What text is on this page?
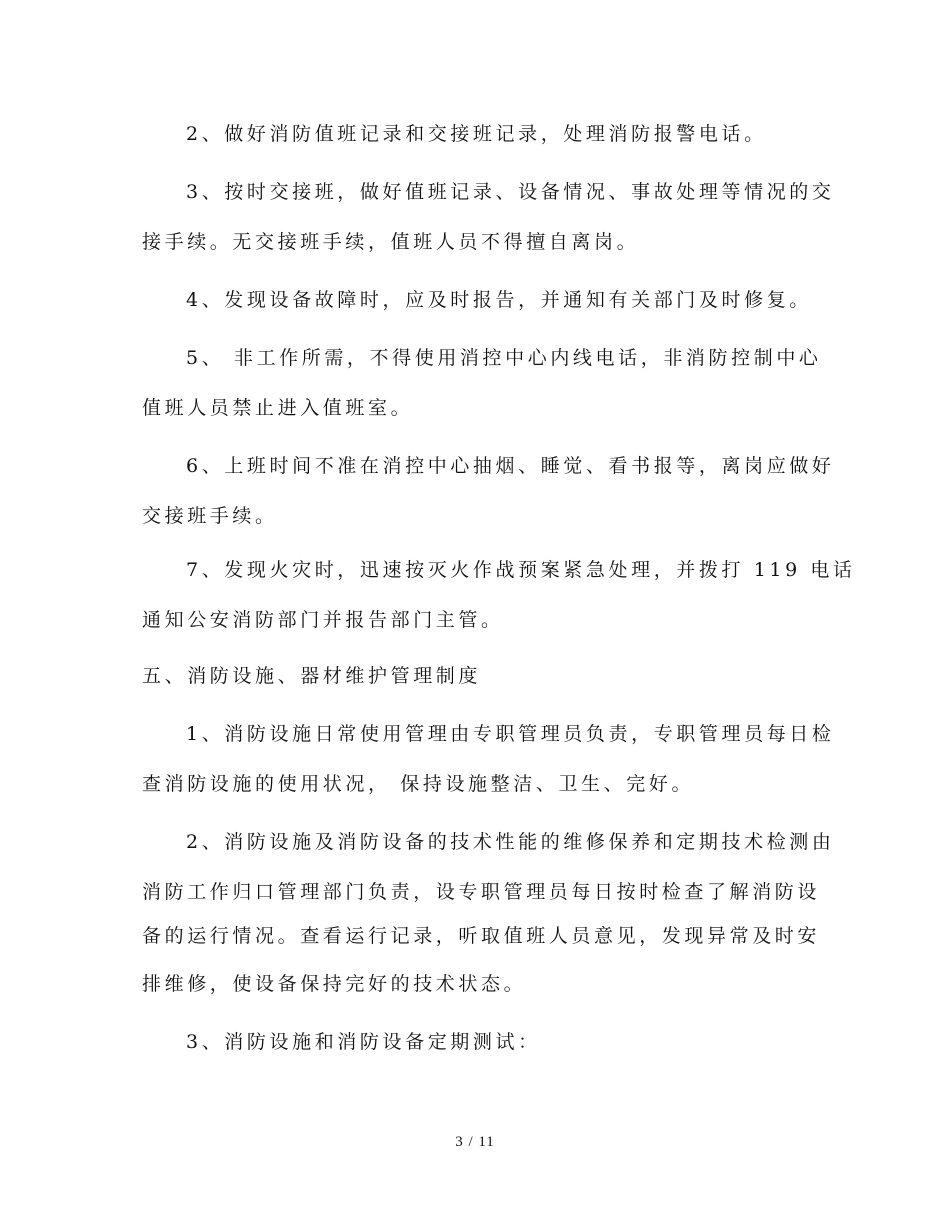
2、做好消防值班记录和交接班记录，处理消防报警电话。
3、按时交接班，做好值班记录、设备情况、事故处理等情况的交
接手续。无交接班手续，值班人员不得擅自离岗。
4、发现设备故障时，应及时报告，并通知有关部门及时修复。
5、 非工作所需，不得使用消控中心内线电话，非消防控制中心
值班人员禁止进入值班室。
6、上班时间不准在消控中心抽烟、睡觉、看书报等，离岗应做好
交接班手续。
7、发现火灾时，迅速按灭火作战预案紧急处理，并拨打 119 电话
通知公安消防部门并报告部门主管。
五、消防设施、器材维护管理制度
1、消防设施日常使用管理由专职管理员负责，专职管理员每日检
查消防设施的使用状况， 保持设施整洁、卫生、完好。
2、消防设施及消防设备的技术性能的维修保养和定期技术检测由
消防工作归口管理部门负责，设专职管理员每日按时检查了解消防设
备的运行情况。查看运行记录，听取值班人员意见，发现异常及时安
排维修，使设备保持完好的技术状态。
3、消防设施和消防设备定期测试：
3 / 11
